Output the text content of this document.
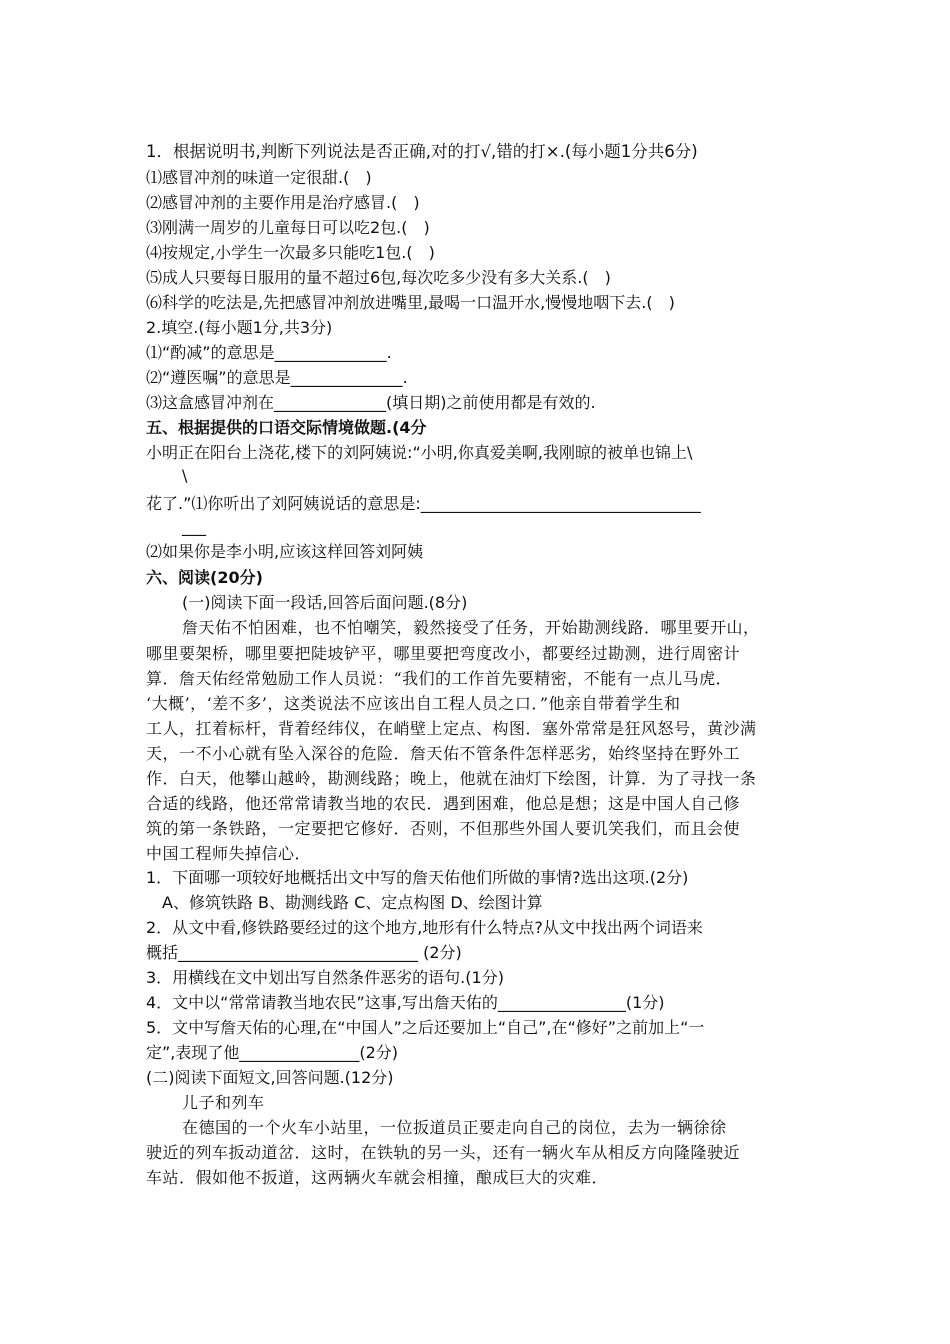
1．根据说明书,判断下列说法是否正确,对的打√,错的打×.(每小题1分共6分)
⑴感冒冲剂的味道一定很甜.(　)
⑵感冒冲剂的主要作用是治疗感冒.(　)
⑶刚满一周岁的儿童每日可以吃2包.(　)
⑷按规定,小学生一次最多只能吃1包.(　)
⑸成人只要每日服用的量不超过6包,每次吃多少没有多大关系.(　)
⑹科学的吃法是,先把感冒冲剂放进嘴里,最喝一口温开水,慢慢地咽下去.(　)
2.填空.(每小题1分,共3分)
⑴“酌减”的意思是______________.
⑵“遵医嘱”的意思是______________.
⑶这盒感冒冲剂在______________(填日期)之前使用都是有效的.
五、根据提供的口语交际情境做题.(4分
小明正在阳台上浇花,楼下的刘阿姨说:“小明,你真爱美啊,我刚晾的被单也锦上\
\
花了.”⑴你听出了刘阿姨说话的意思是:___________________________________
___
⑵如果你是李小明,应该这样回答刘阿姨
六、阅读(20分)
(一)阅读下面一段话,回答后面问题.(8分)
詹天佑不怕困难，也不怕嘲笑，毅然接受了任务，开始勘测线路．哪里要开山，
哪里要架桥，哪里要把陡坡铲平，哪里要把弯度改小，都要经过勘测，进行周密计
算．詹天佑经常勉励工作人员说：“我们的工作首先要精密，不能有一点儿马虎．
‘大概’，‘差不多’，这类说法不应该出自工程人员之口．”他亲自带着学生和
工人，扛着标杆，背着经纬仪，在峭壁上定点、构图．塞外常常是狂风怒号，黄沙满
天，一不小心就有坠入深谷的危险．詹天佑不管条件怎样恶劣，始终坚持在野外工
作．白天，他攀山越岭，勘测线路；晚上，他就在油灯下绘图，计算．为了寻找一条
合适的线路，他还常常请教当地的农民．遇到困难，他总是想；这是中国人自己修
筑的第一条铁路，一定要把它修好．否则，不但那些外国人要讥笑我们，而且会使
中国工程师失掉信心．
1．下面哪一项较好地概括出文中写的詹天佑他们所做的事情?选出这项.(2分)
A、修筑铁路 B、勘测线路 C、定点构图 D、绘图计算
2．从文中看,修铁路要经过的这个地方,地形有什么特点?从文中找出两个词语来
概括______________________________ (2分)
3．用横线在文中划出写自然条件恶劣的语句.(1分)
4．文中以“常常请教当地农民”这事,写出詹天佑的________________(1分)
5．文中写詹天佑的心理,在“中国人”之后还要加上“自己”,在“修好”之前加上“一
定”,表现了他_______________(2分)
(二)阅读下面短文,回答问题.(12分)
儿子和列车
在德国的一个火车小站里，一位扳道员正要走向自己的岗位，去为一辆徐徐
驶近的列车扳动道岔．这时，在铁轨的另一头，还有一辆火车从相反方向隆隆驶近
车站．假如他不扳道，这两辆火车就会相撞，酿成巨大的灾难．
